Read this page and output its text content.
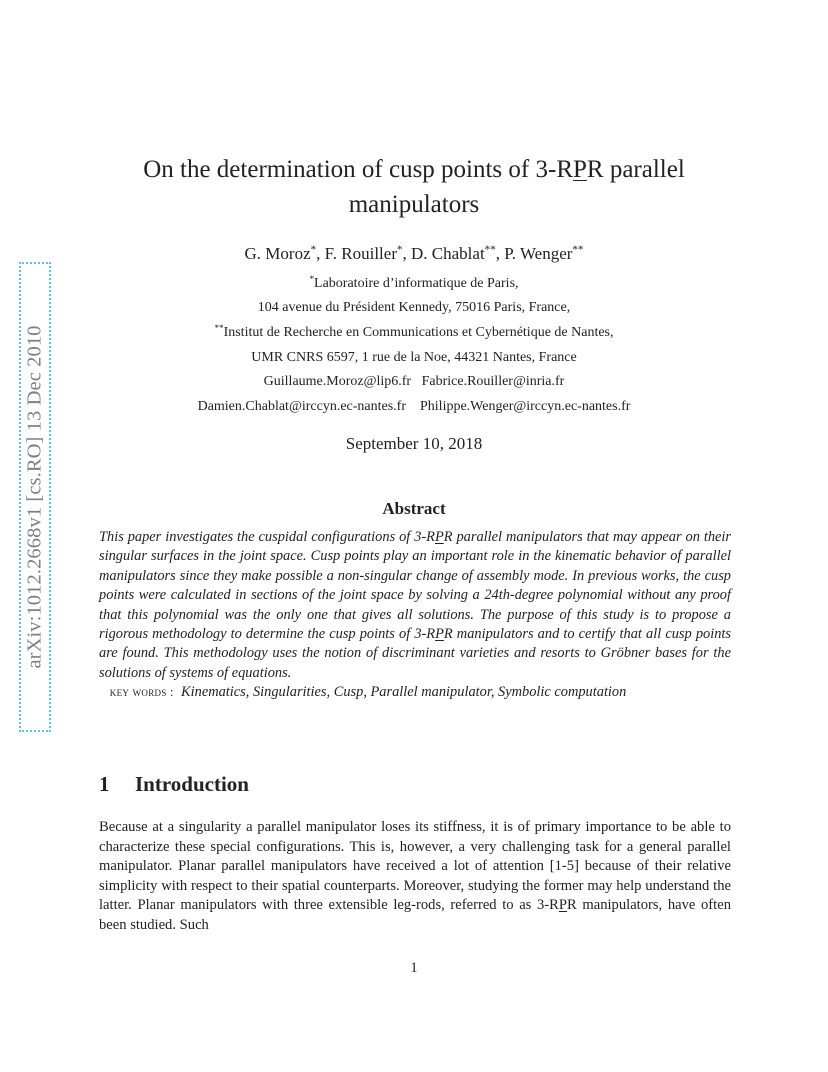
arXiv:1012.2668v1 [cs.RO] 13 Dec 2010
On the determination of cusp points of 3-RPR parallel
manipulators
G. Moroz*, F. Rouiller*, D. Chablat**, P. Wenger**
*Laboratoire d’informatique de Paris,
104 avenue du Président Kennedy, 75016 Paris, France,
**Institut de Recherche en Communications et Cybernétique de Nantes,
UMR CNRS 6597, 1 rue de la Noe, 44321 Nantes, France
Guillaume.Moroz@lip6.fr Fabrice.Rouiller@inria.fr
Damien.Chablat@irccyn.ec-nantes.fr Philippe.Wenger@irccyn.ec-nantes.fr
September 10, 2018
Abstract

This paper investigates the cuspidal configurations of 3-RPR parallel manipulators that may appear on their singular surfaces in the joint space. Cusp points play an important role in the kinematic behavior of parallel manipulators since they make possible a non-singular change of assembly mode. In previous works, the cusp points were calculated in sections of the joint space by solving a 24th-degree polynomial without any proof that this polynomial was the only one that gives all solutions. The purpose of this study is to propose a rigorous methodology to determine the cusp points of 3-RPR manipulators and to certify that all cusp points are found. This methodology uses the notion of discriminant varieties and resorts to Gröbner bases for the solutions of systems of equations.
key words : Kinematics, Singularities, Cusp, Parallel manipulator, Symbolic computation

1 Introduction

Because at a singularity a parallel manipulator loses its stiffness, it is of primary importance to be able to characterize these special configurations. This is, however, a very challenging task for a general parallel manipulator. Planar parallel manipulators have received a lot of attention [1-5] because of their relative simplicity with respect to their spatial counterparts. Moreover, studying the former may help understand the latter. Planar manipulators with three extensible leg-rods, referred to as 3-RPR manipulators, have often been studied. Such

1
